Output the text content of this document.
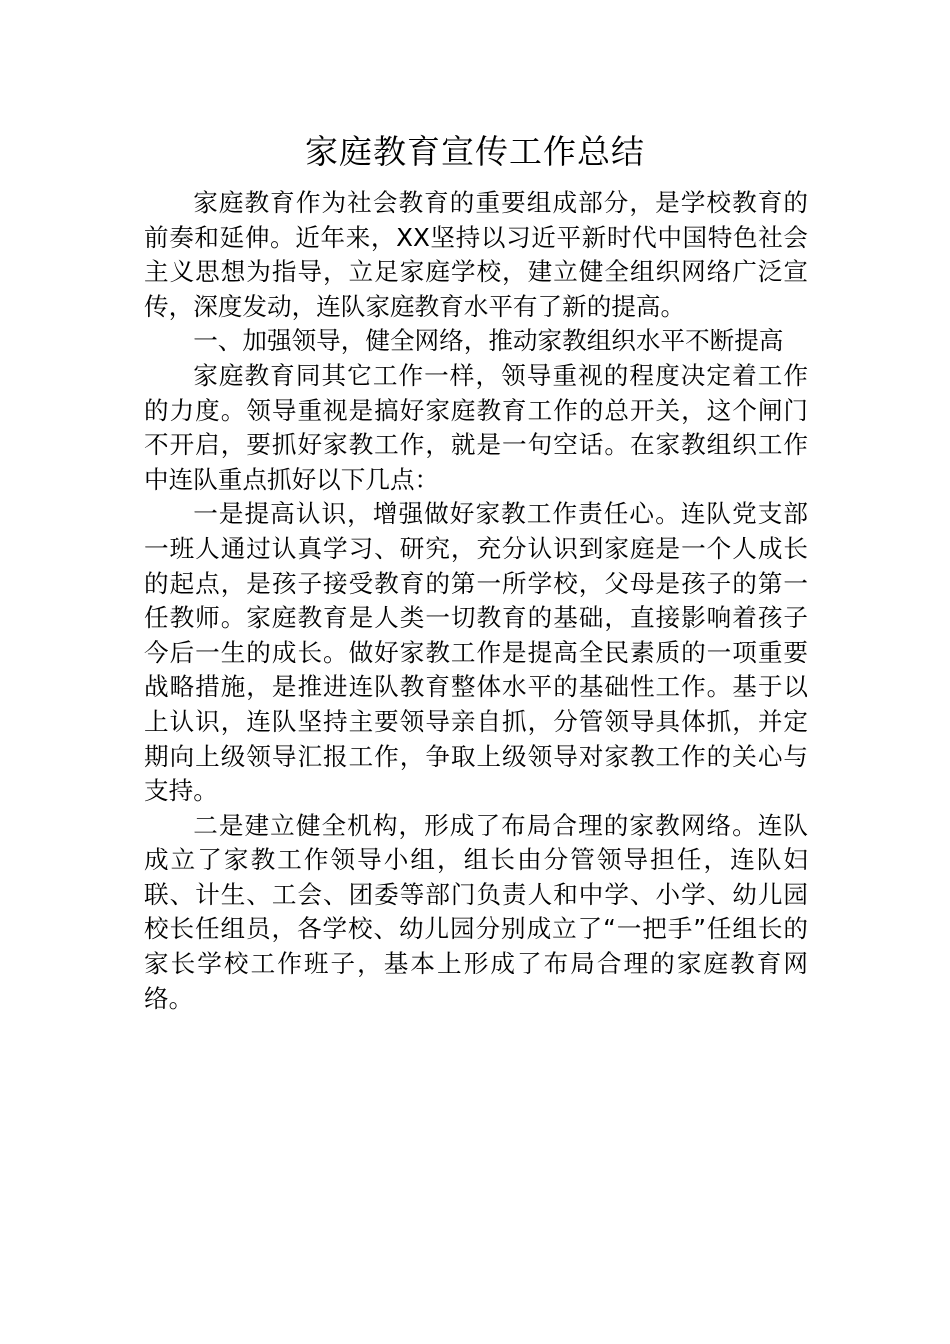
家庭教育宣传工作总结

家庭教育作为社会教育的重要组成部分，是学校教育的前奏和延伸。近年来，XX坚持以习近平新时代中国特色社会主义思想为指导，立足家庭学校，建立健全组织网络广泛宣传，深度发动，连队家庭教育水平有了新的提高。

一、加强领导，健全网络，推动家教组织水平不断提高

家庭教育同其它工作一样，领导重视的程度决定着工作的力度。领导重视是搞好家庭教育工作的总开关，这个闸门不开启，要抓好家教工作，就是一句空话。在家教组织工作中连队重点抓好以下几点：

一是提高认识，增强做好家教工作责任心。连队党支部一班人通过认真学习、研究，充分认识到家庭是一个人成长的起点，是孩子接受教育的第一所学校，父母是孩子的第一任教师。家庭教育是人类一切教育的基础，直接影响着孩子今后一生的成长。做好家教工作是提高全民素质的一项重要战略措施，是推进连队教育整体水平的基础性工作。基于以上认识，连队坚持主要领导亲自抓，分管领导具体抓，并定期向上级领导汇报工作，争取上级领导对家教工作的关心与支持。

二是建立健全机构，形成了布局合理的家教网络。连队成立了家教工作领导小组，组长由分管领导担任，连队妇联、计生、工会、团委等部门负责人和中学、小学、幼儿园校长任组员，各学校、幼儿园分别成立了“一把手”任组长的家长学校工作班子，基本上形成了布局合理的家庭教育网络。
